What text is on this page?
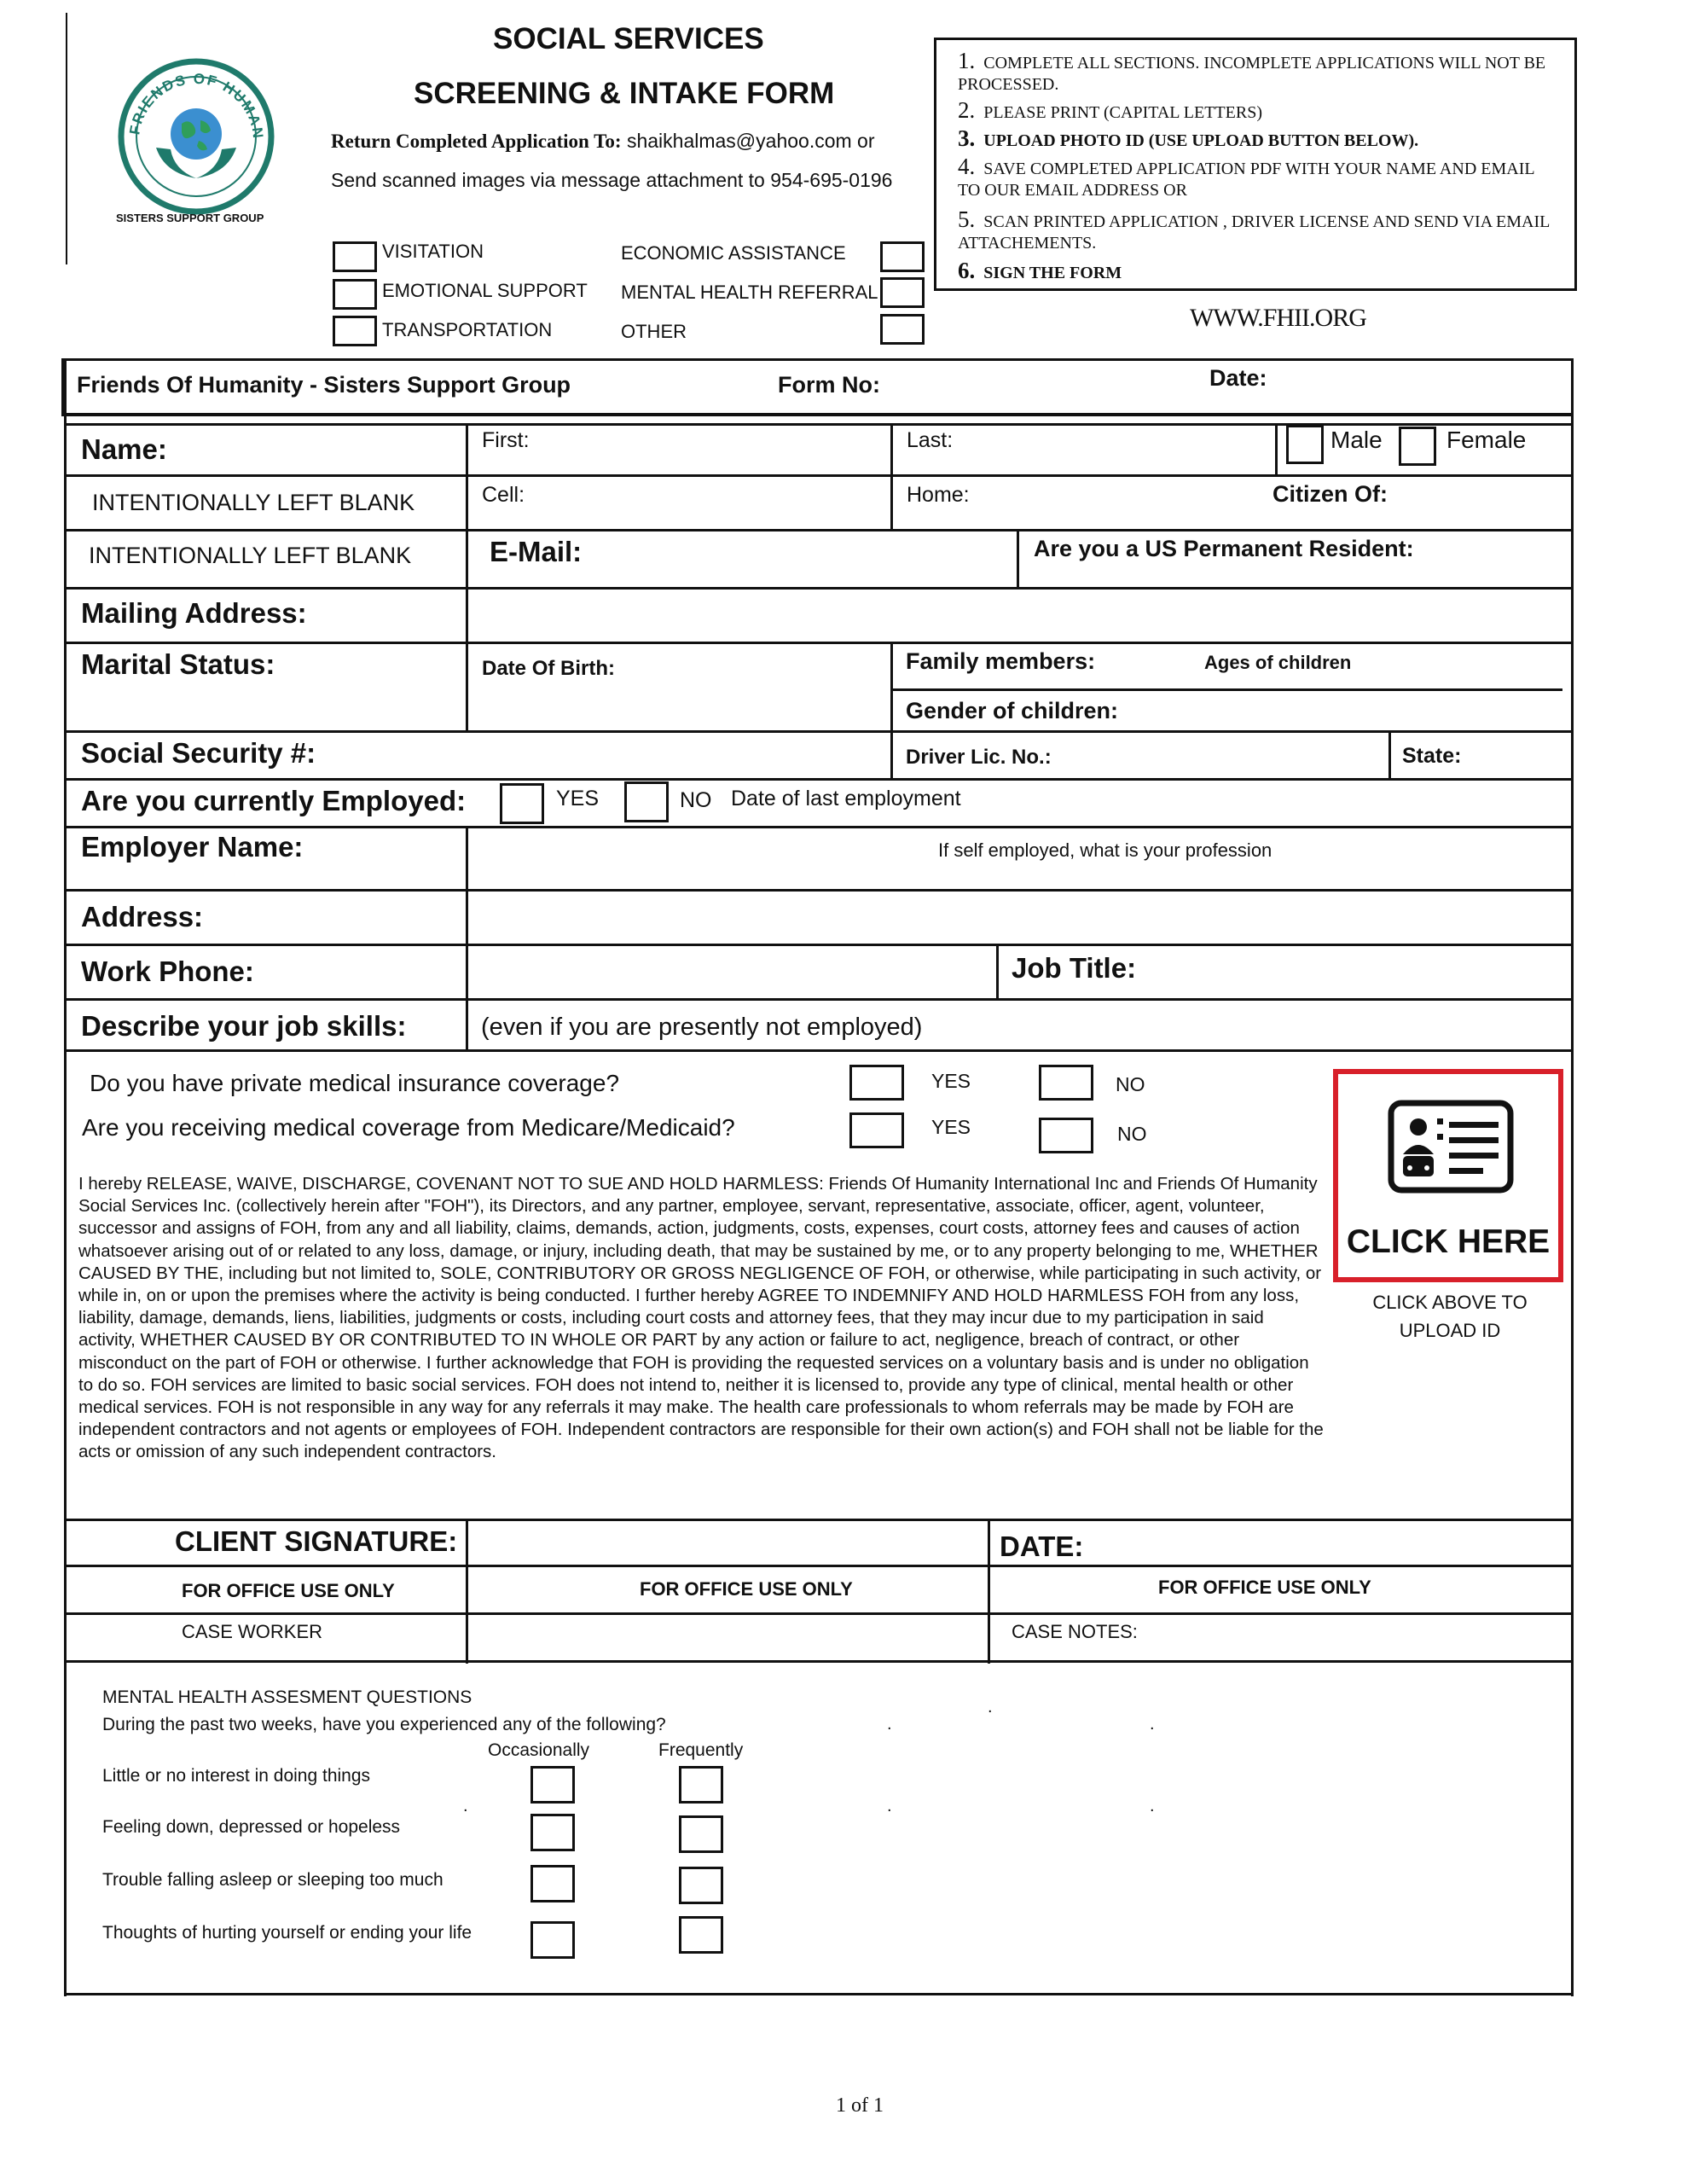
FRIENDS OF HUMAN
SISTERS SUPPORT GROUP
SOCIAL SERVICES
SCREENING & INTAKE FORM
Return Completed Application To: shaikhalmas@yahoo.com or
Send scanned images via message attachment to 954-695-0196
VISITATION
EMOTIONAL SUPPORT
TRANSPORTATION
ECONOMIC ASSISTANCE
MENTAL HEALTH REFERRAL
OTHER
1. COMPLETE ALL SECTIONS. INCOMPLETE APPLICATIONS WILL NOT BE PROCESSED.
2. PLEASE PRINT (CAPITAL LETTERS)
3. UPLOAD PHOTO ID (USE UPLOAD BUTTON BELOW).
4. SAVE COMPLETED APPLICATION PDF WITH YOUR NAME AND EMAIL TO OUR EMAIL ADDRESS OR
5. SCAN PRINTED APPLICATION , DRIVER LICENSE AND SEND VIA EMAIL ATTACHEMENTS.
6. SIGN THE FORM
WWW.FHII.ORG
Friends Of Humanity - Sisters Support Group	Form No:	Date:
Name:	First:	Last:	Male	Female
INTENTIONALLY LEFT BLANK	Cell:	Home:	Citizen Of:
INTENTIONALLY LEFT BLANK	E-Mail:	Are you a US Permanent Resident:
Mailing Address:
Marital Status:	Date Of Birth:	Family members:	Ages of children
Gender of children:
Social Security #:	Driver Lic. No.:	State:
Are you currently Employed:	YES	NO Date of last employment
Employer Name:	If self employed, what is your profession
Address:
Work Phone:	Job Title:
Describe your job skills:	(even if you are presently not employed)
Do you have private medical insurance coverage?	YES	NO
Are you receiving medical coverage from Medicare/Medicaid?	YES	NO
I hereby RELEASE, WAIVE, DISCHARGE, COVENANT NOT TO SUE AND HOLD HARMLESS: Friends Of Humanity International Inc and Friends Of Humanity Social Services Inc. (collectively herein after "FOH"), its Directors, and any partner, employee, servant, representative, associate, officer, agent, volunteer, successor and assigns of FOH, from any and all liability, claims, demands, action, judgments, costs, expenses, court costs, attorney fees and causes of action whatsoever arising out of or related to any loss, damage, or injury, including death, that may be sustained by me, or to any property belonging to me, WHETHER CAUSED BY THE, including but not limited to, SOLE, CONTRIBUTORY OR GROSS NEGLIGENCE OF FOH, or otherwise, while participating in such activity, or while in, on or upon the premises where the activity is being conducted. I further hereby AGREE TO INDEMNIFY AND HOLD HARMLESS FOH from any loss, liability, damage, demands, liens, liabilities, judgments or costs, including court costs and attorney fees, that they may incur due to my participation in said activity, WHETHER CAUSED BY OR CONTRIBUTED TO IN WHOLE OR PART by any action or failure to act, negligence, breach of contract, or other misconduct on the part of FOH or otherwise. I further acknowledge that FOH is providing the requested services on a voluntary basis and is under no obligation to do so. FOH services are limited to basic social services. FOH does not intend to, neither it is licensed to, provide any type of clinical, mental health or other medical services. FOH is not responsible in any way for any referrals it may make. The health care professionals to whom referrals may be made by FOH are independent contractors and not agents or employees of FOH. Independent contractors are responsible for their own action(s) and FOH shall not be liable for the acts or omission of any such independent contractors.
CLICK HERE
CLICK ABOVE TO
UPLOAD ID
CLIENT SIGNATURE:	DATE:
FOR OFFICE USE ONLY	FOR OFFICE USE ONLY	FOR OFFICE USE ONLY
CASE WORKER	CASE NOTES:
MENTAL HEALTH ASSESMENT QUESTIONS
During the past two weeks, have you experienced any of the following?
Occasionally	Frequently
Little or no interest in doing things
Feeling down, depressed or hopeless
Trouble falling asleep or sleeping too much
Thoughts of hurting yourself or ending your life
.
.	.
.	.	.
1 of 1
